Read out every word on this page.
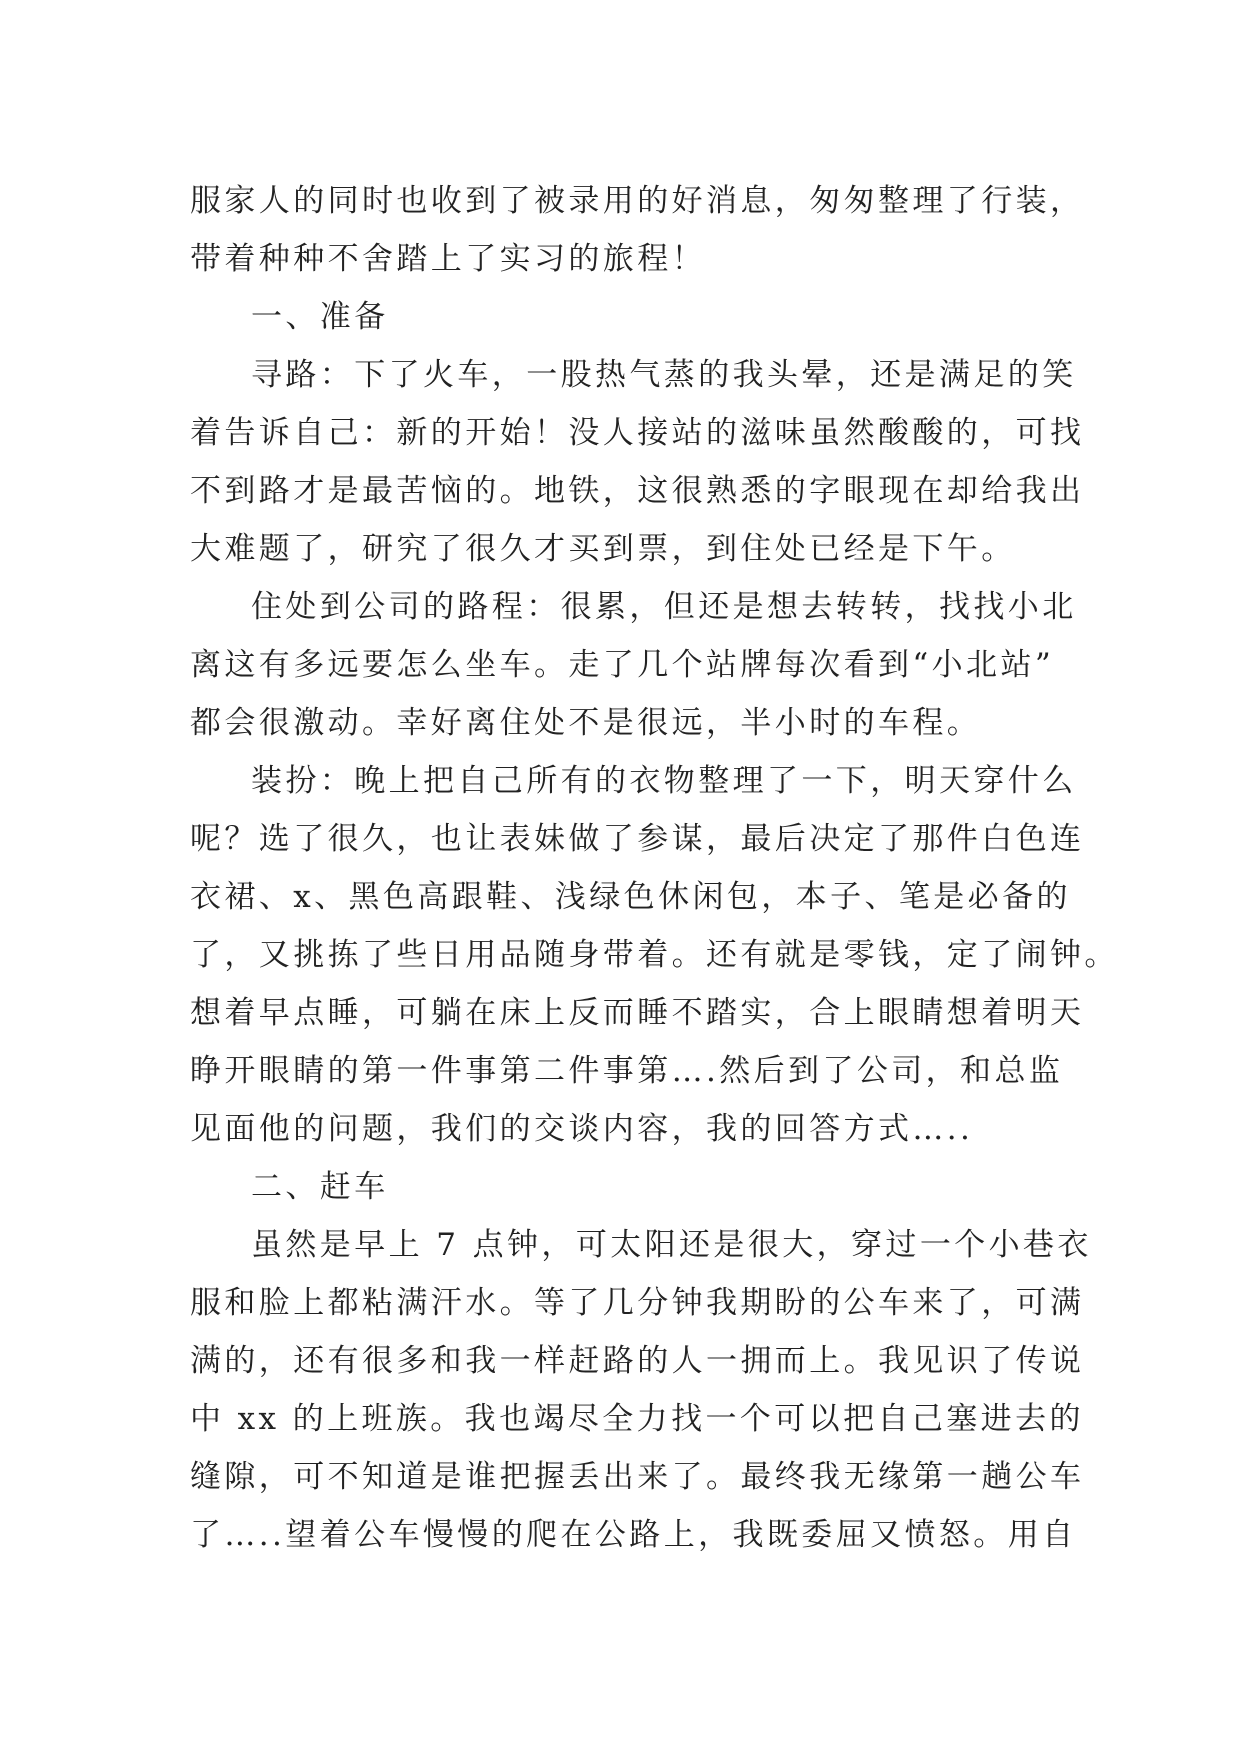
服家人的同时也收到了被录用的好消息，匆匆整理了行装，
带着种种不舍踏上了实习的旅程！
一、准备
寻路：下了火车，一股热气蒸的我头晕，还是满足的笑
着告诉自己：新的开始！没人接站的滋味虽然酸酸的，可找
不到路才是最苦恼的。地铁，这很熟悉的字眼现在却给我出
大难题了，研究了很久才买到票，到住处已经是下午。
住处到公司的路程：很累，但还是想去转转，找找小北
离这有多远要怎么坐车。走了几个站牌每次看到“小北站”
都会很激动。幸好离住处不是很远，半小时的车程。
装扮：晚上把自己所有的衣物整理了一下，明天穿什么
呢？选了很久，也让表妹做了参谋，最后决定了那件白色连
衣裙、x、黑色高跟鞋、浅绿色休闲包，本子、笔是必备的
了，又挑拣了些日用品随身带着。还有就是零钱，定了闹钟。
想着早点睡，可躺在床上反而睡不踏实，合上眼睛想着明天
睁开眼睛的第一件事第二件事第….然后到了公司，和总监
见面他的问题，我们的交谈内容，我的回答方式…..
二、赶车
虽然是早上 7 点钟，可太阳还是很大，穿过一个小巷衣
服和脸上都粘满汗水。等了几分钟我期盼的公车来了，可满
满的，还有很多和我一样赶路的人一拥而上。我见识了传说
中 xx 的上班族。我也竭尽全力找一个可以把自己塞进去的
缝隙，可不知道是谁把握丢出来了。最终我无缘第一趟公车
了…..望着公车慢慢的爬在公路上，我既委屈又愤怒。用自
